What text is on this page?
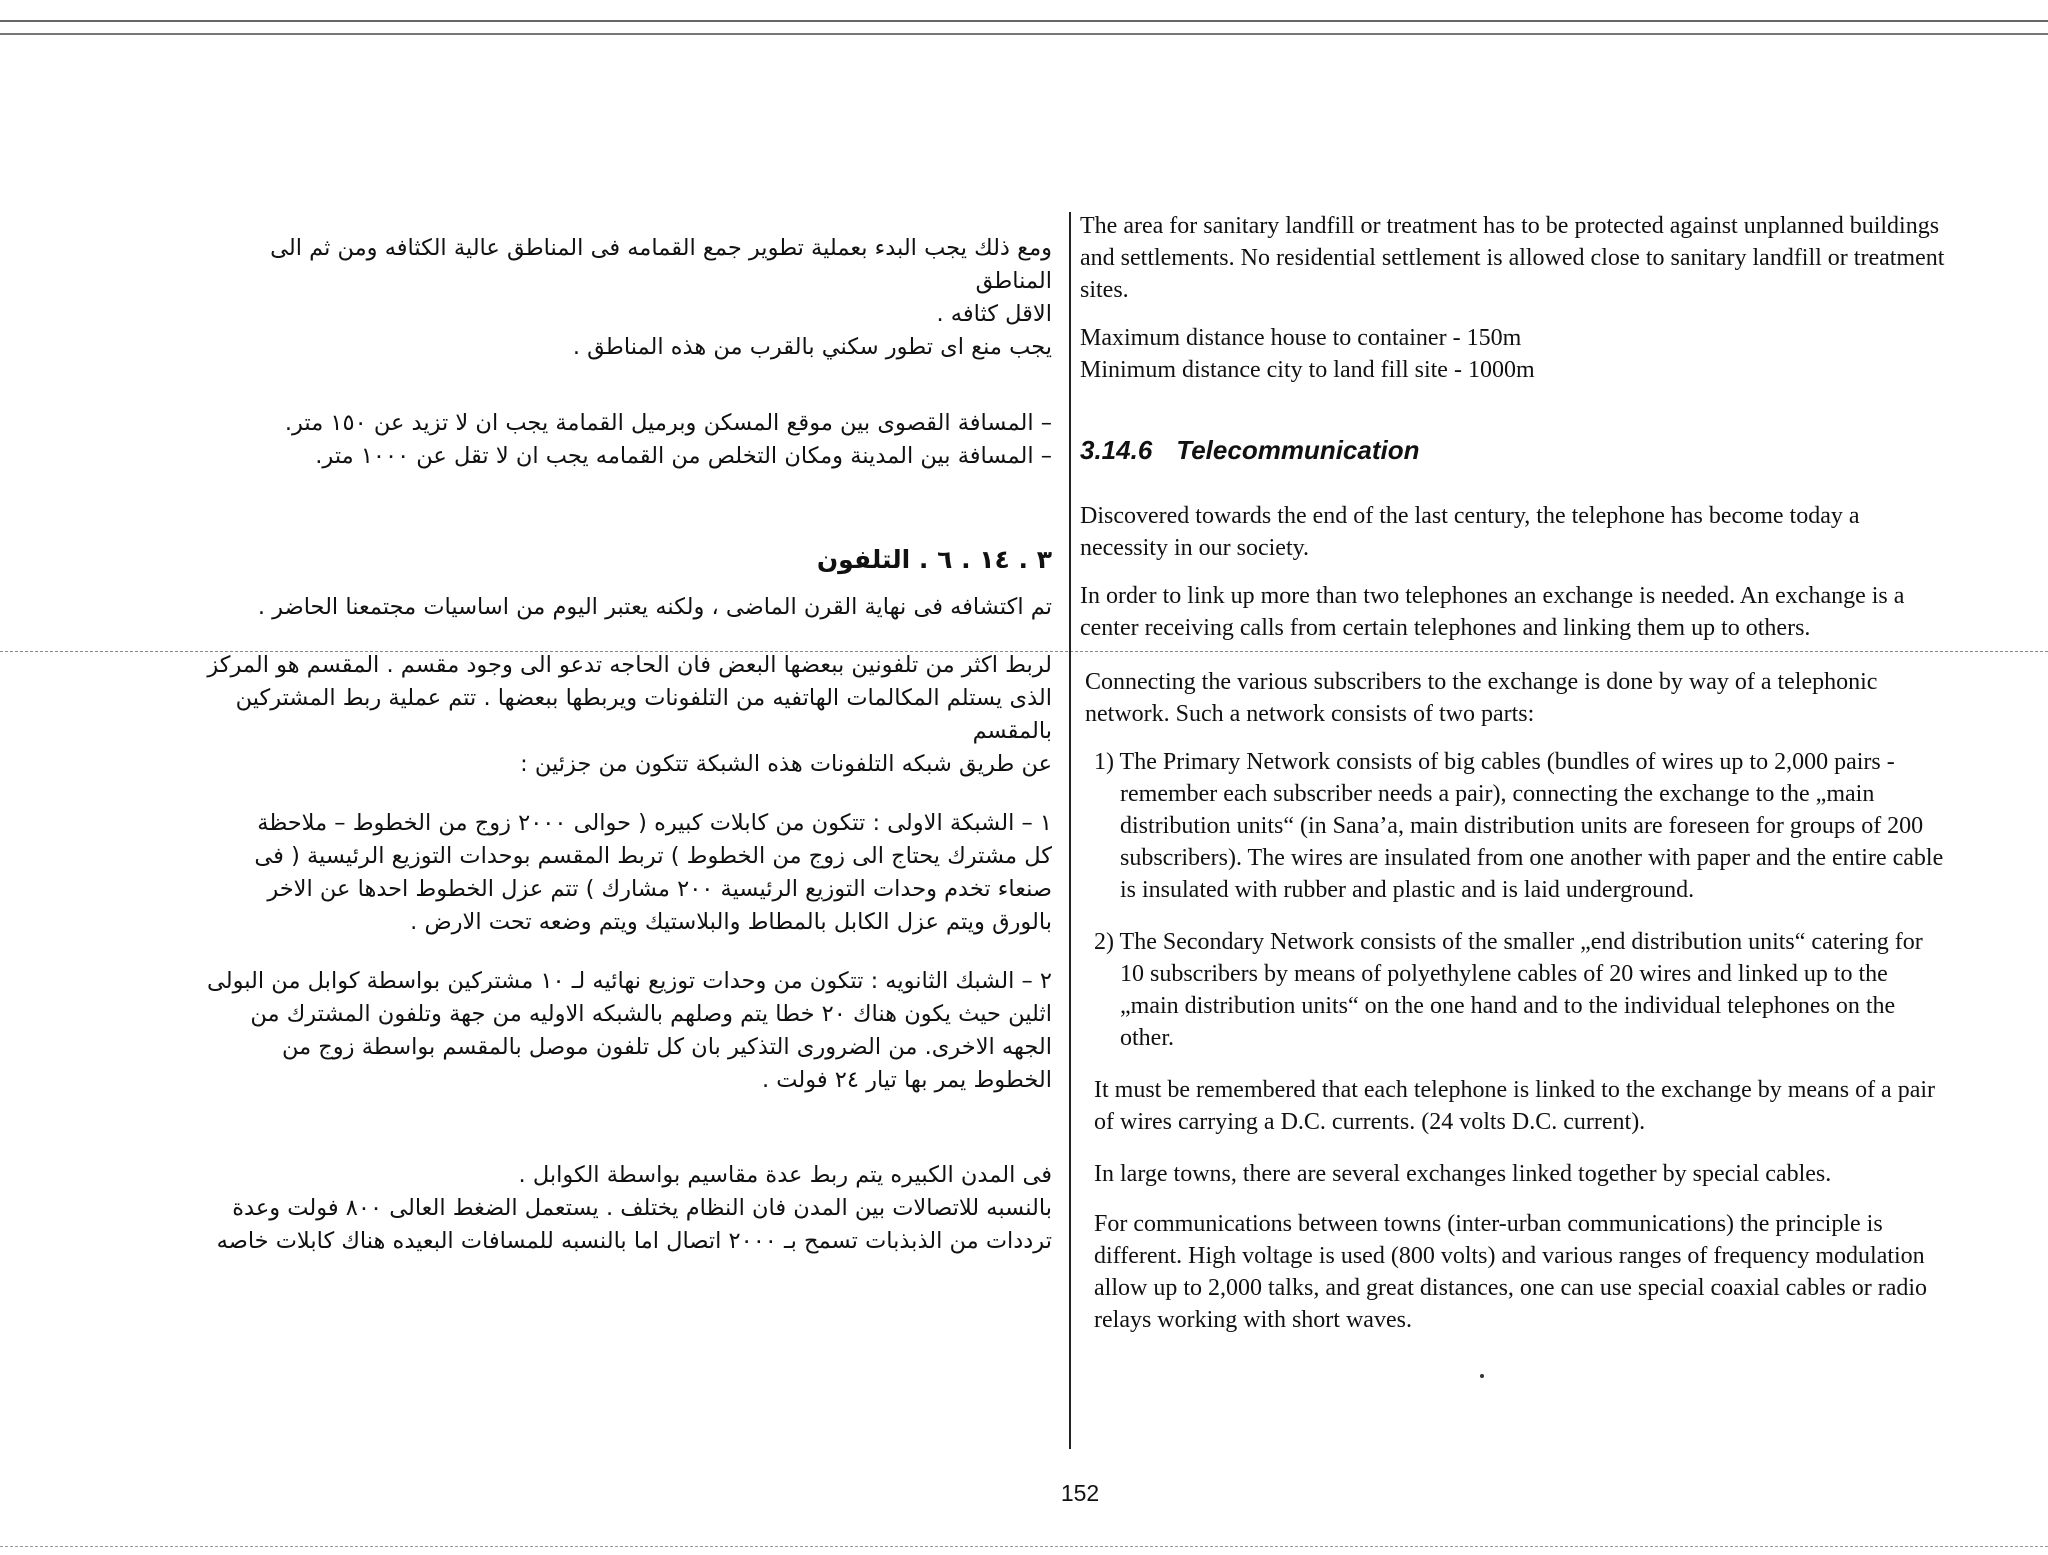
ومع ذلك يجب البدء بعملية تطوير جمع القمامه فى المناطق عالية الكثافه ومن ثم الى المناطق

الاقل كثافه .

يجب منع اى تطور سكني بالقرب من هذه المناطق .

– المسافة القصوى بين موقع المسكن وبرميل القمامة يجب ان لا تزيد عن ١٥٠ متر.

– المسافة بين المدينة ومكان التخلص من القمامه يجب ان لا تقل عن ١٠٠٠ متر.

٣ . ١٤ . ٦ . التلفون

تم اكتشافه فى نهاية القرن الماضى ، ولكنه يعتبر اليوم من اساسيات مجتمعنا الحاضر .

لربط اكثر من تلفونين ببعضها البعض فان الحاجه تدعو الى وجود مقسم . المقسم هو المركز

الذى يستلم المكالمات الهاتفيه من التلفونات ويربطها ببعضها . تتم عملية ربط المشتركين بالمقسم

عن طريق شبكه التلفونات هذه الشبكة تتكون من جزئين :

١ – الشبكة الاولى : تتكون من كابلات كبيره ( حوالى ٢٠٠٠ زوج من الخطوط – ملاحظة

كل مشترك يحتاج الى زوج من الخطوط ) تربط المقسم بوحدات التوزيع الرئيسية ( فى

صنعاء تخدم وحدات التوزيع الرئيسية ٢٠٠ مشارك ) تتم عزل الخطوط احدها عن الاخر

بالورق ويتم عزل الكابل بالمطاط والبلاستيك ويتم وضعه تحت الارض .

٢ – الشبك الثانويه : تتكون من وحدات توزيع نهائيه لـ ١٠ مشتركين بواسطة كوابل من البولى

اثلين حيث يكون هناك ٢٠ خطا يتم وصلهم بالشبكه الاوليه من جهة وتلفون المشترك من

الجهه الاخرى. من الضرورى التذكير بان كل تلفون موصل بالمقسم بواسطة زوج من

الخطوط يمر بها تيار ٢٤ فولت .

فى المدن الكبيره يتم ربط عدة مقاسيم بواسطة الكوابل .

بالنسبه للاتصالات بين المدن فان النظام يختلف . يستعمل الضغط العالى ٨٠٠ فولت وعدة

ترددات من الذبذبات تسمح بـ ٢٠٠٠ اتصال اما بالنسبه للمسافات البعيده هناك كابلات خاصه

The area for sanitary landfill or treatment has to be protected against unplanned buildings and settlements. No residential settlement is allowed close to sanitary landfill or treatment sites.

Maximum distance house to container - 150m

Minimum distance city to land fill site - 1000m

3.14.6 Telecommunication

Discovered towards the end of the last century, the telephone has become today a necessity in our society.

In order to link up more than two telephones an exchange is needed. An exchange is a center receiving calls from certain telephones and linking them up to others.

Connecting the various subscribers to the exchange is done by way of a telephonic network. Such a network consists of two parts:

1) The Primary Network consists of big cables (bundles of wires up to 2,000 pairs - remember each subscriber needs a pair), connecting the exchange to the „main distribution units“ (in Sana’a, main distribution units are foreseen for groups of 200 subscribers). The wires are insulated from one another with paper and the entire cable is insulated with rubber and plastic and is laid underground.

2) The Secondary Network consists of the smaller „end distribution units“ catering for 10 subscribers by means of polyethylene cables of 20 wires and linked up to the „main distribution units“ on the one hand and to the individual telephones on the other.

It must be remembered that each telephone is linked to the exchange by means of a pair of wires carrying a D.C. currents. (24 volts D.C. current).

In large towns, there are several exchanges linked together by special cables.

For communications between towns (inter-urban communications) the principle is different. High voltage is used (800 volts) and various ranges of frequency modulation allow up to 2,000 talks, and great distances, one can use special coaxial cables or radio relays working with short waves.

152
